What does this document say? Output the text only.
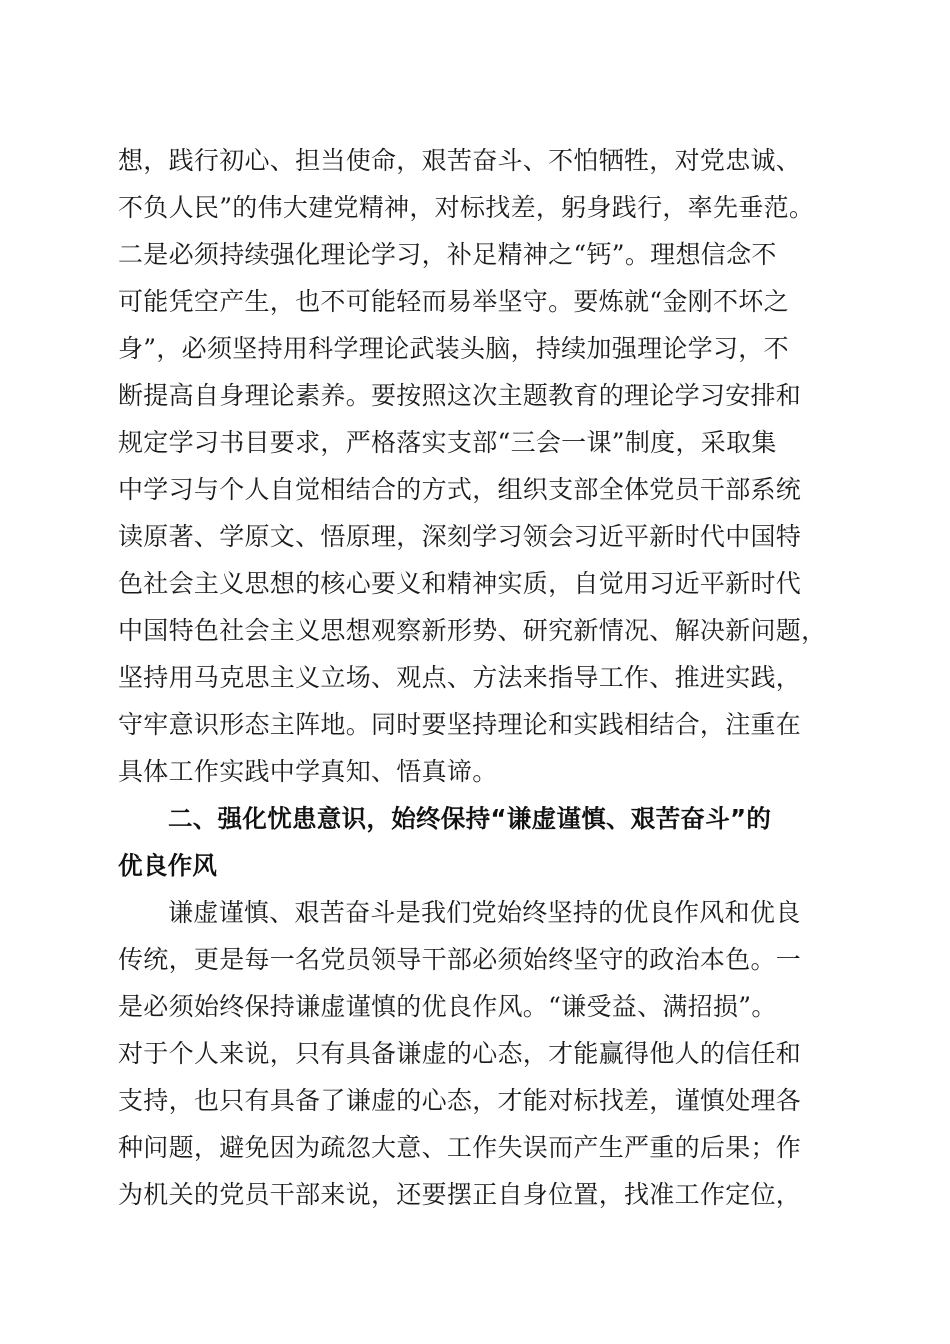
想，践行初心、担当使命，艰苦奋斗、不怕牺牲，对党忠诚、
不负人民”的伟大建党精神，对标找差，躬身践行，率先垂范。
二是必须持续强化理论学习，补足精神之“钙”。理想信念不
可能凭空产生，也不可能轻而易举坚守。要炼就“金刚不坏之
身”，必须坚持用科学理论武装头脑，持续加强理论学习，不
断提高自身理论素养。要按照这次主题教育的理论学习安排和
规定学习书目要求，严格落实支部“三会一课”制度，采取集
中学习与个人自觉相结合的方式，组织支部全体党员干部系统
读原著、学原文、悟原理，深刻学习领会习近平新时代中国特
色社会主义思想的核心要义和精神实质，自觉用习近平新时代
中国特色社会主义思想观察新形势、研究新情况、解决新问题，
坚持用马克思主义立场、观点、方法来指导工作、推进实践，
守牢意识形态主阵地。同时要坚持理论和实践相结合，注重在
具体工作实践中学真知、悟真谛。
二、强化忧患意识，始终保持“谦虚谨慎、艰苦奋斗”的
优良作风
谦虚谨慎、艰苦奋斗是我们党始终坚持的优良作风和优良
传统，更是每一名党员领导干部必须始终坚守的政治本色。一
是必须始终保持谦虚谨慎的优良作风。“谦受益、满招损”。
对于个人来说，只有具备谦虚的心态，才能赢得他人的信任和
支持，也只有具备了谦虚的心态，才能对标找差，谨慎处理各
种问题，避免因为疏忽大意、工作失误而产生严重的后果；作
为机关的党员干部来说，还要摆正自身位置，找准工作定位，
